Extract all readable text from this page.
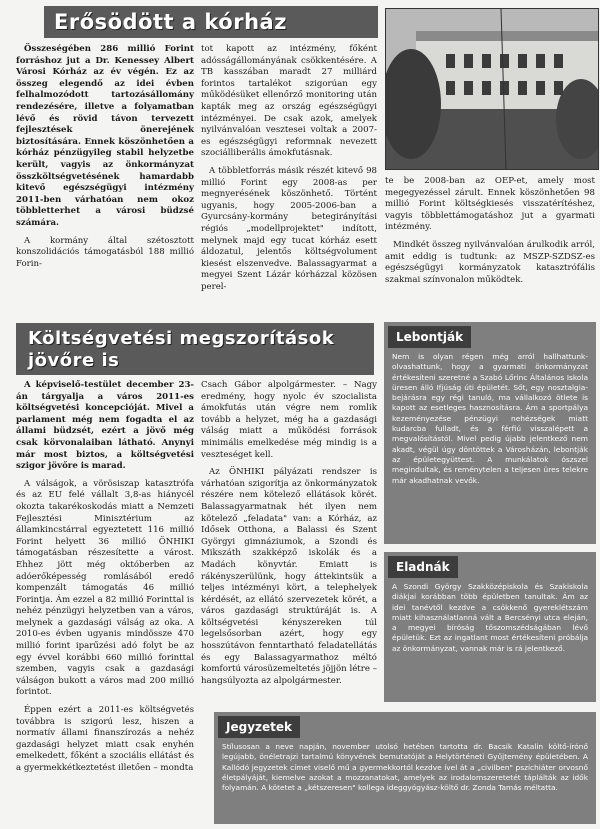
Erősödött a kórház

Összeségében 286 millió Forint forráshoz jut a Dr. Kenessey Albert Városi Kórház az év végén. Ez az összeg elegendő az idei évben felhalmozódott tartozásállomány rendezésére, illetve a folyamatban lévő és rövid távon tervezett fejlesztések önerejének biztosítására. Ennek köszönhetően a kórház pénzügyileg stabil helyzetbe került, vagyis az önkormányzat összköltségvetésének hamardabb kitevő egészségügyi intézmény 2011-ben várhatóan nem okoz többletterhet a városi büdzsé számára.

A kormány által szétosztott konszolidációs támogatásból 188 millió Forin-

tot kapott az intézmény, főként adósságállományának csökkentésére. A TB kasszában maradt 27 milliárd forintos tartalékot szigorúan egy működésüket ellenőrző monitoring után kapták meg az ország egészségügyi intézményei. De csak azok, amelyek nyilvánvalóan vesztesei voltak a 2007-es egészségügyi reformnak nevezett szociálliberális ámokfutásnak.

A többletforrás másik részét kitevő 98 millió Forint egy 2008-as per megnyerésének köszönhető. Történt ugyanis, hogy 2005-2006-ban a Gyurcsány-kormány betegirányítási régiós „modellprojektet" indított, melynek majd egy tucat kórház esett áldozatul, jelentős költségvolument kiesést elszenvedve. Balassagyarmat a megyei Szent Lázár kórházzal közösen perel-

te be 2008-ban az OEP-et, amely most megegyezéssel zárult. Ennek köszönhetően 98 millió Forint költségkiesés visszatérítéshez, vagyis többlettámogatáshoz jut a gyarmati intézmény.

Mindkét összeg nyilvánvalóan árulkodik arról, amit eddig is tudtunk: az MSZP-SZDSZ-es egészségügyi kormányzatok katasztrófális szakmai színvonalon működtek.

Költségvetési megszorítások jövőre is

A képviselő-testület december 23-án tárgyalja a város 2011-es költségvetési koncepcióját. Mivel a parlament még nem fogadta el az állami büdzsét, ezért a jövő még csak körvonalaiban látható. Anynyi már most biztos, a költségvetési szigor jövőre is marad.

A válságok, a vörösiszap katasztrófa és az EU felé vállalt 3,8-as hiánycél okozta takarékoskodás miatt a Nemzeti Fejlesztési Minisztérium az államkincstárral egyeztetett 116 millió Forint helyett 36 millió ÖNHIKI támogatásban részesítette a várost. Ehhez jött még októberben az adóerőképesség romlásából eredő kompenzált támogatás 46 millió Forintja. Ám ezzel a 82 millió Forinttal is nehéz pénzügyi helyzetben van a város, melynek a gazdasági válság az oka. A 2010-es évben ugyanis mindössze 470 millió forint iparűzési adó folyt be az egy évvel korábbi 660 millió forinttal szemben, vagyis csak a gazdasági válságon bukott a város mad 200 millió forintot.

Éppen ezért a 2011-es költségvetés továbbra is szigorú lesz, hiszen a normatív állami finanszírozás a nehéz gazdasági helyzet miatt csak enyhén emelkedett, főként a szociális ellátást és a gyermekkétkeztetést illetően – mondta

Csach Gábor alpolgármester. – Nagy eredmény, hogy nyolc év szocialista ámokfutás után végre nem romlik tovább a helyzet, még ha a gazdasági válság miatt a működési források minimális emelkedése még mindig is a veszteséget kell.

Az ÖNHIKI pályázati rendszer is várhatóan szigorítja az önkormányzatok részére nem kötelező ellátások körét. Balassagyarmatnak hét ilyen nem kötelező „feladata" van: a Kórház, az Idősek Otthona, a Balassi és Szent Györgyi gimnáziumok, a Szondi és Mikszáth szakképző iskolák és a Madách könyvtár. Emiatt is rákényszerülünk, hogy áttekintsük a teljes intézményi kört, a telephelyek kérdését, az ellátó szervezetek körét, a város gazdasági struktúráját is. A költségvetési kényszereken túl legelsősorban azért, hogy egy hosszútávon fenntartható feladatellátás és egy Balassagyarmathoz méltó komfortú városüzemeltetés jöjjön létre – hangsúlyozta az alpolgármester.

Lebontják
Nem is olyan régen még arról hallhattunk-olvashattunk, hogy a gyarmati önkormányzat értékesíteni szeretné a Szabó Lőrinc Általános Iskola üresen álló Ifjúság úti épületét. Sőt, egy nosztalgia-bejárásra egy régi tanuló, ma vállalkozó ötlete is kapott az esetleges hasznosításra. Ám a sportpálya kezeményezése pénzügyi nehézségek miatt kudarcba fulladt, és a férfiú visszalépett a megvalósítástól. Mivel pedig újabb jelentkező nem akadt, végül úgy döntöttek a Városházán, lebontják az épületegyüttest. A munkálatok ószszel megindultak, és reménytelen a teljesen üres telekre már akadhatnak vevők.
Eladnák
A Szondi György Szakközépiskola és Szakiskola diákjai korábban több épületben tanultak. Ám az idei tanévtől kezdve a csökkenő gyereklétszám miatt kihasználatlanná vált a Bercsényi utca eleján, a megyei bíróság tőszomszédságában lévő épületük. Ezt az ingatlant most értékesíteni próbálja az önkormányzat, vannak már is rá jelentkező.
Jegyzetek
Stílusosan a neve napján, november utolsó hetében tartotta dr. Bacsik Katalin költő-írónő legújabb, önéletrajzi tartalmú könyvének bemutatóját a Helytörténeti Gyűjtemény épületében. A Kallódó jegyzetek címet viselő mű a gyermekkortól kezdve ível át a „civilben" pszichiáter orvosnő életpályáját, kiemelve azokat a mozzanatokat, amelyek az irodalomszeretetét táplálták az idők folyamán. A kötetet a „kétszeresen" kollega ideggyógyász-költő dr. Zonda Tamás méltatta.
